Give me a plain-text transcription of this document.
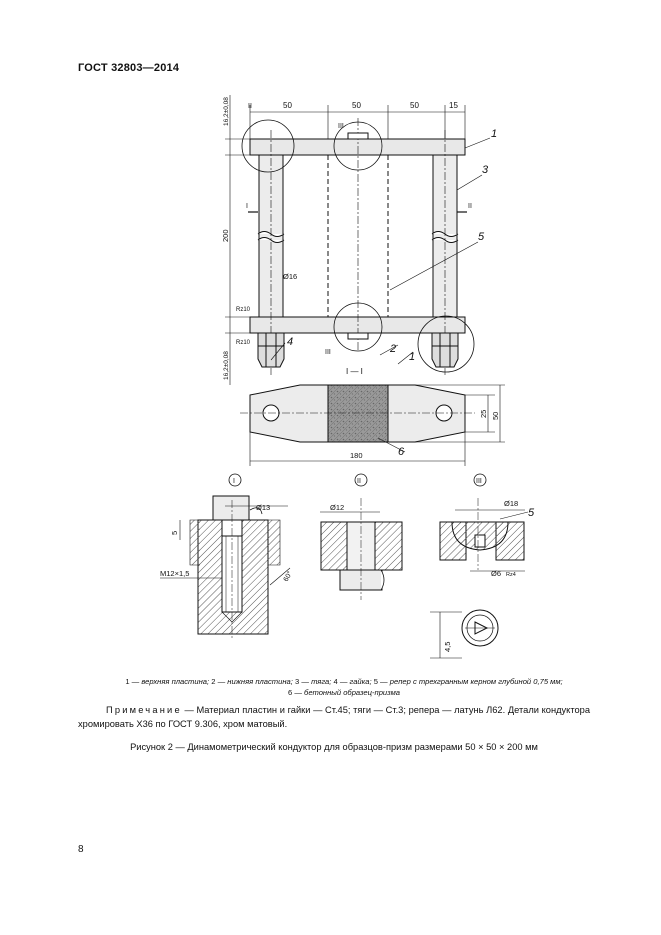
ГОСТ 32803—2014
50	50	50	15
II
III
III
I	II
16,2±0,08
16,2±0,08
200
Ø16
Rz10
Rz10
1
3
5
2
1
4
I — I
180
25 50
6
I
Ø13
5
M12×1,5	60°
II
Ø12
III
Ø18
5
Ø6 Rz4
4,5
1 — верхняя пластина; 2 — нижняя пластина; 3 — тяга; 4 — гайка; 5 — репер с трехгранным керном глубиной 0,75 мм;
6 — бетонный образец-призма
Примечание — Материал пластин и гайки — Ст.45; тяги — Ст.3; репера — латунь Л62. Детали кондуктора хромировать Х36 по ГОСТ 9.306, хром матовый.
Рисунок 2 — Динамометрический кондуктор для образцов-призм размерами 50 × 50 × 200 мм
8
